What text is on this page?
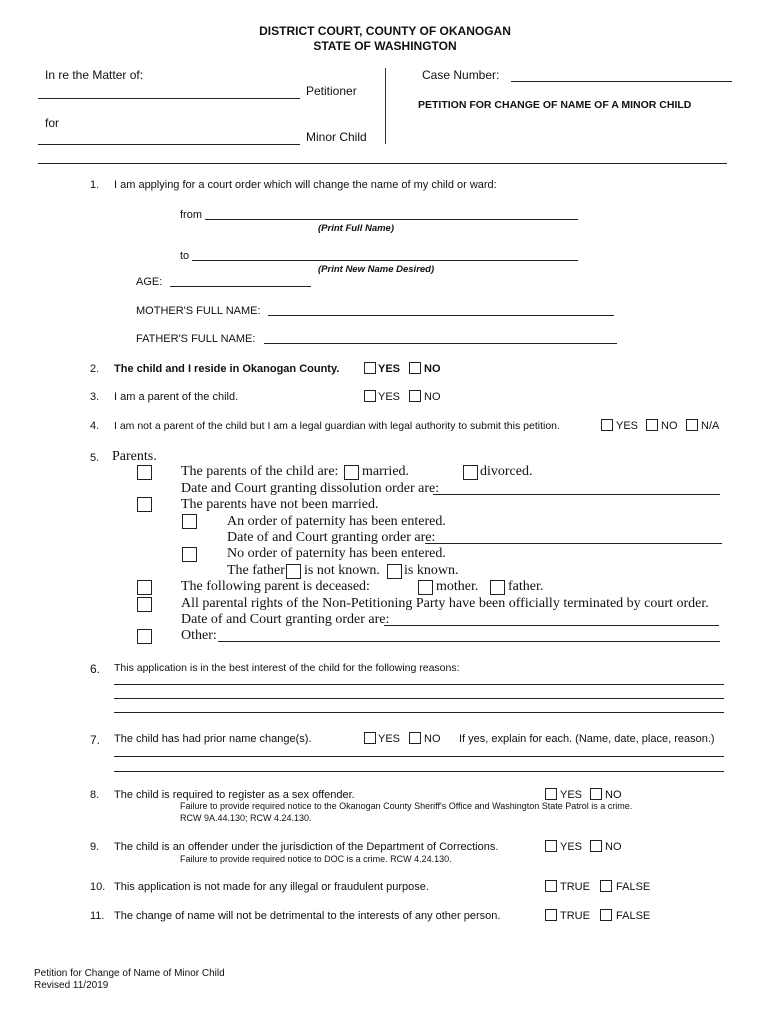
DISTRICT COURT, COUNTY OF OKANOGAN
STATE OF WASHINGTON
In re the Matter of:
Petitioner
for
Minor Child
Case Number:
PETITION FOR CHANGE OF NAME OF A MINOR CHILD
1. I am applying for a court order which will change the name of my child or ward:
from
(Print Full Name)
to
(Print New Name Desired)
AGE:
MOTHER'S FULL NAME:
FATHER'S FULL NAME:
2. The child and I reside in Okanogan County.	YES NO
3. I am a parent of the child.	YES NO
4. I am not a parent of the child but I am a legal guardian with legal authority to submit this petition.	YES NO N/A
5. Parents.
The parents of the child are: married.	divorced.
Date and Court granting dissolution order are:
The parents have not been married.
An order of paternity has been entered.
Date of and Court granting order are:
No order of paternity has been entered.
The father is not known. is known.
The following parent is deceased:	mother. father.
All parental rights of the Non-Petitioning Party have been officially terminated by court order.
Date of and Court granting order are:
Other:
6. This application is in the best interest of the child for the following reasons:
7. The child has had prior name change(s).	YES NO If yes, explain for each. (Name, date, place, reason.)
8. The child is required to register as a sex offender.	YES NO
Failure to provide required notice to the Okanogan County Sheriff's Office and Washington State Patrol is a crime.
RCW 9A.44.130; RCW 4.24.130.
9. The child is an offender under the jurisdiction of the Department of Corrections.	YES NO
Failure to provide required notice to DOC is a crime. RCW 4.24.130.
10. This application is not made for any illegal or fraudulent purpose.	TRUE FALSE
11. The change of name will not be detrimental to the interests of any other person.	TRUE FALSE
Petition for Change of Name of Minor Child
Revised 11/2019
